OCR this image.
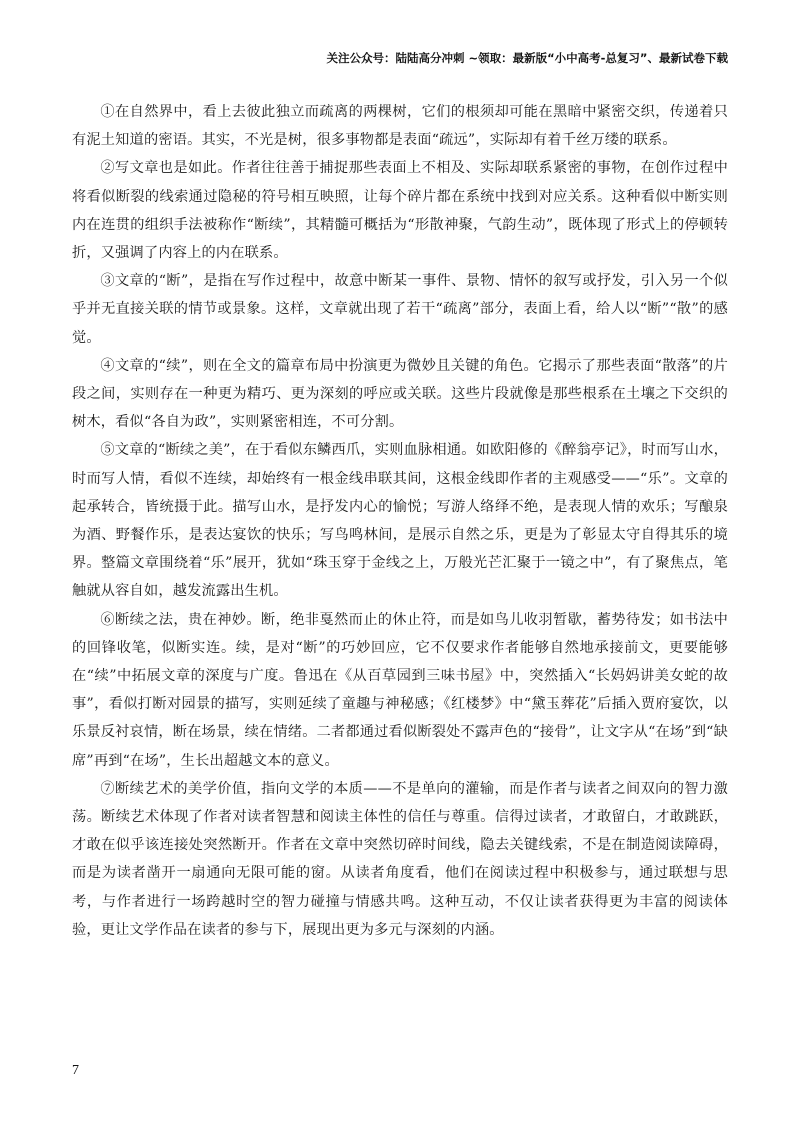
关注公众号：陆陆高分冲刺 ~领取：最新版“小中高考-总复习”、最新试卷下载

①在自然界中，看上去彼此独立而疏离的两棵树，它们的根须却可能在黑暗中紧密交织，传递着只有泥土知道的密语。其实，不光是树，很多事物都是表面“疏远”，实际却有着千丝万缕的联系。

②写文章也是如此。作者往往善于捕捉那些表面上不相及、实际却联系紧密的事物，在创作过程中将看似断裂的线索通过隐秘的符号相互映照，让每个碎片都在系统中找到对应关系。这种看似中断实则内在连贯的组织手法被称作“断续”，其精髓可概括为“形散神聚，气韵生动”，既体现了形式上的停顿转折，又强调了内容上的内在联系。

③文章的“断”，是指在写作过程中，故意中断某一事件、景物、情怀的叙写或抒发，引入另一个似乎并无直接关联的情节或景象。这样，文章就出现了若干“疏离”部分，表面上看，给人以“断”“散”的感觉。

④文章的“续”，则在全文的篇章布局中扮演更为微妙且关键的角色。它揭示了那些表面“散落”的片段之间，实则存在一种更为精巧、更为深刻的呼应或关联。这些片段就像是那些根系在土壤之下交织的树木，看似“各自为政”，实则紧密相连，不可分割。

⑤文章的“断续之美”，在于看似东鳞西爪，实则血脉相通。如欧阳修的《醉翁亭记》，时而写山水，时而写人情，看似不连续，却始终有一根金线串联其间，这根金线即作者的主观感受——“乐”。文章的起承转合，皆统摄于此。描写山水，是抒发内心的愉悦；写游人络绎不绝，是表现人情的欢乐；写酿泉为酒、野餐作乐，是表达宴饮的快乐；写鸟鸣林间，是展示自然之乐，更是为了彰显太守自得其乐的境界。整篇文章围绕着“乐”展开，犹如“珠玉穿于金线之上，万般光芒汇聚于一镜之中”，有了聚焦点，笔触就从容自如，越发流露出生机。

⑥断续之法，贵在神妙。断，绝非戛然而止的休止符，而是如鸟儿收羽暂歇，蓄势待发；如书法中的回锋收笔，似断实连。续，是对“断”的巧妙回应，它不仅要求作者能够自然地承接前文，更要能够在“续”中拓展文章的深度与广度。鲁迅在《从百草园到三味书屋》中，突然插入“长妈妈讲美女蛇的故事”，看似打断对园景的描写，实则延续了童趣与神秘感；《红楼梦》中“黛玉葬花”后插入贾府宴饮，以乐景反衬哀情，断在场景，续在情绪。二者都通过看似断裂处不露声色的“接骨”，让文字从“在场”到“缺席”再到“在场”，生长出超越文本的意义。

⑦断续艺术的美学价值，指向文学的本质——不是单向的灌输，而是作者与读者之间双向的智力激荡。断续艺术体现了作者对读者智慧和阅读主体性的信任与尊重。信得过读者，才敢留白，才敢跳跃，才敢在似乎该连接处突然断开。作者在文章中突然切碎时间线，隐去关键线索，不是在制造阅读障碍，而是为读者凿开一扇通向无限可能的窗。从读者角度看，他们在阅读过程中积极参与，通过联想与思考，与作者进行一场跨越时空的智力碰撞与情感共鸣。这种互动，不仅让读者获得更为丰富的阅读体验，更让文学作品在读者的参与下，展现出更为多元与深刻的内涵。

7
